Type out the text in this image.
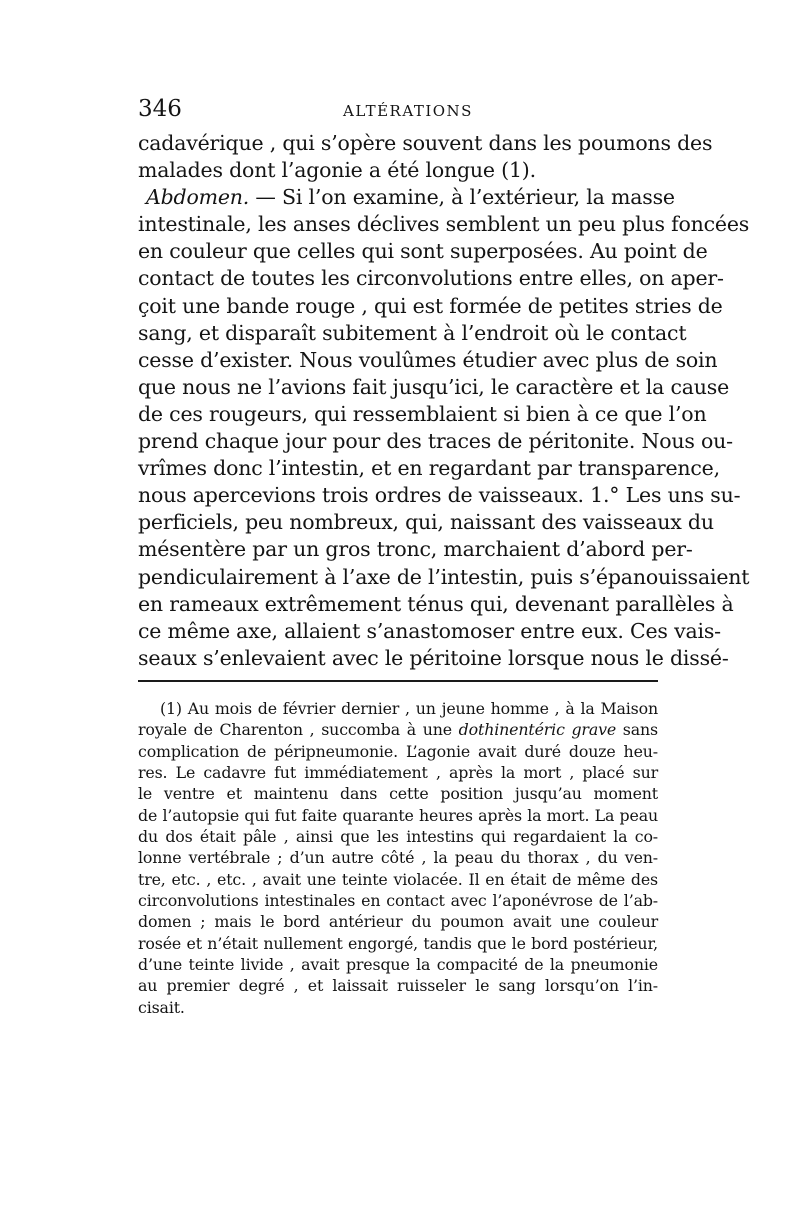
346	ALTÉRATIONS
cadavérique , qui s’opère souvent dans les poumons des
malades dont l’agonie a été longue (1).
Abdomen. — Si l’on examine, à l’extérieur, la masse
intestinale, les anses déclives semblent un peu plus foncées
en couleur que celles qui sont superposées. Au point de
contact de toutes les circonvolutions entre elles, on aper-
çoit une bande rouge , qui est formée de petites stries de
sang, et disparaît subitement à l’endroit où le contact
cesse d’exister. Nous voulûmes étudier avec plus de soin
que nous ne l’avions fait jusqu’ici, le caractère et la cause
de ces rougeurs, qui ressemblaient si bien à ce que l’on
prend chaque jour pour des traces de péritonite. Nous ou-
vrîmes donc l’intestin, et en regardant par transparence,
nous apercevions trois ordres de vaisseaux. 1.° Les uns su-
perficiels, peu nombreux, qui, naissant des vaisseaux du
mésentère par un gros tronc, marchaient d’abord per-
pendiculairement à l’axe de l’intestin, puis s’épanouissaient
en rameaux extrêmement ténus qui, devenant parallèles à
ce même axe, allaient s’anastomoser entre eux. Ces vais-
seaux s’enlevaient avec le péritoine lorsque nous le dissé-
(1) Au mois de février dernier , un jeune homme , à la Maison
royale de Charenton , succomba à une dothinentéric grave sans
complication de péripneumonie. L’agonie avait duré douze heu-
res. Le cadavre fut immédiatement , après la mort , placé sur
le ventre et maintenu dans cette position jusqu’au moment
de l’autopsie qui fut faite quarante heures après la mort. La peau
du dos était pâle , ainsi que les intestins qui regardaient la co-
lonne vertébrale ; d’un autre côté , la peau du thorax , du ven-
tre, etc. , etc. , avait une teinte violacée. Il en était de même des
circonvolutions intestinales en contact avec l’aponévrose de l’ab-
domen ; mais le bord antérieur du poumon avait une couleur
rosée et n’était nullement engorgé, tandis que le bord postérieur,
d’une teinte livide , avait presque la compacité de la pneumonie
au premier degré , et laissait ruisseler le sang lorsqu’on l’in-
cisait.
